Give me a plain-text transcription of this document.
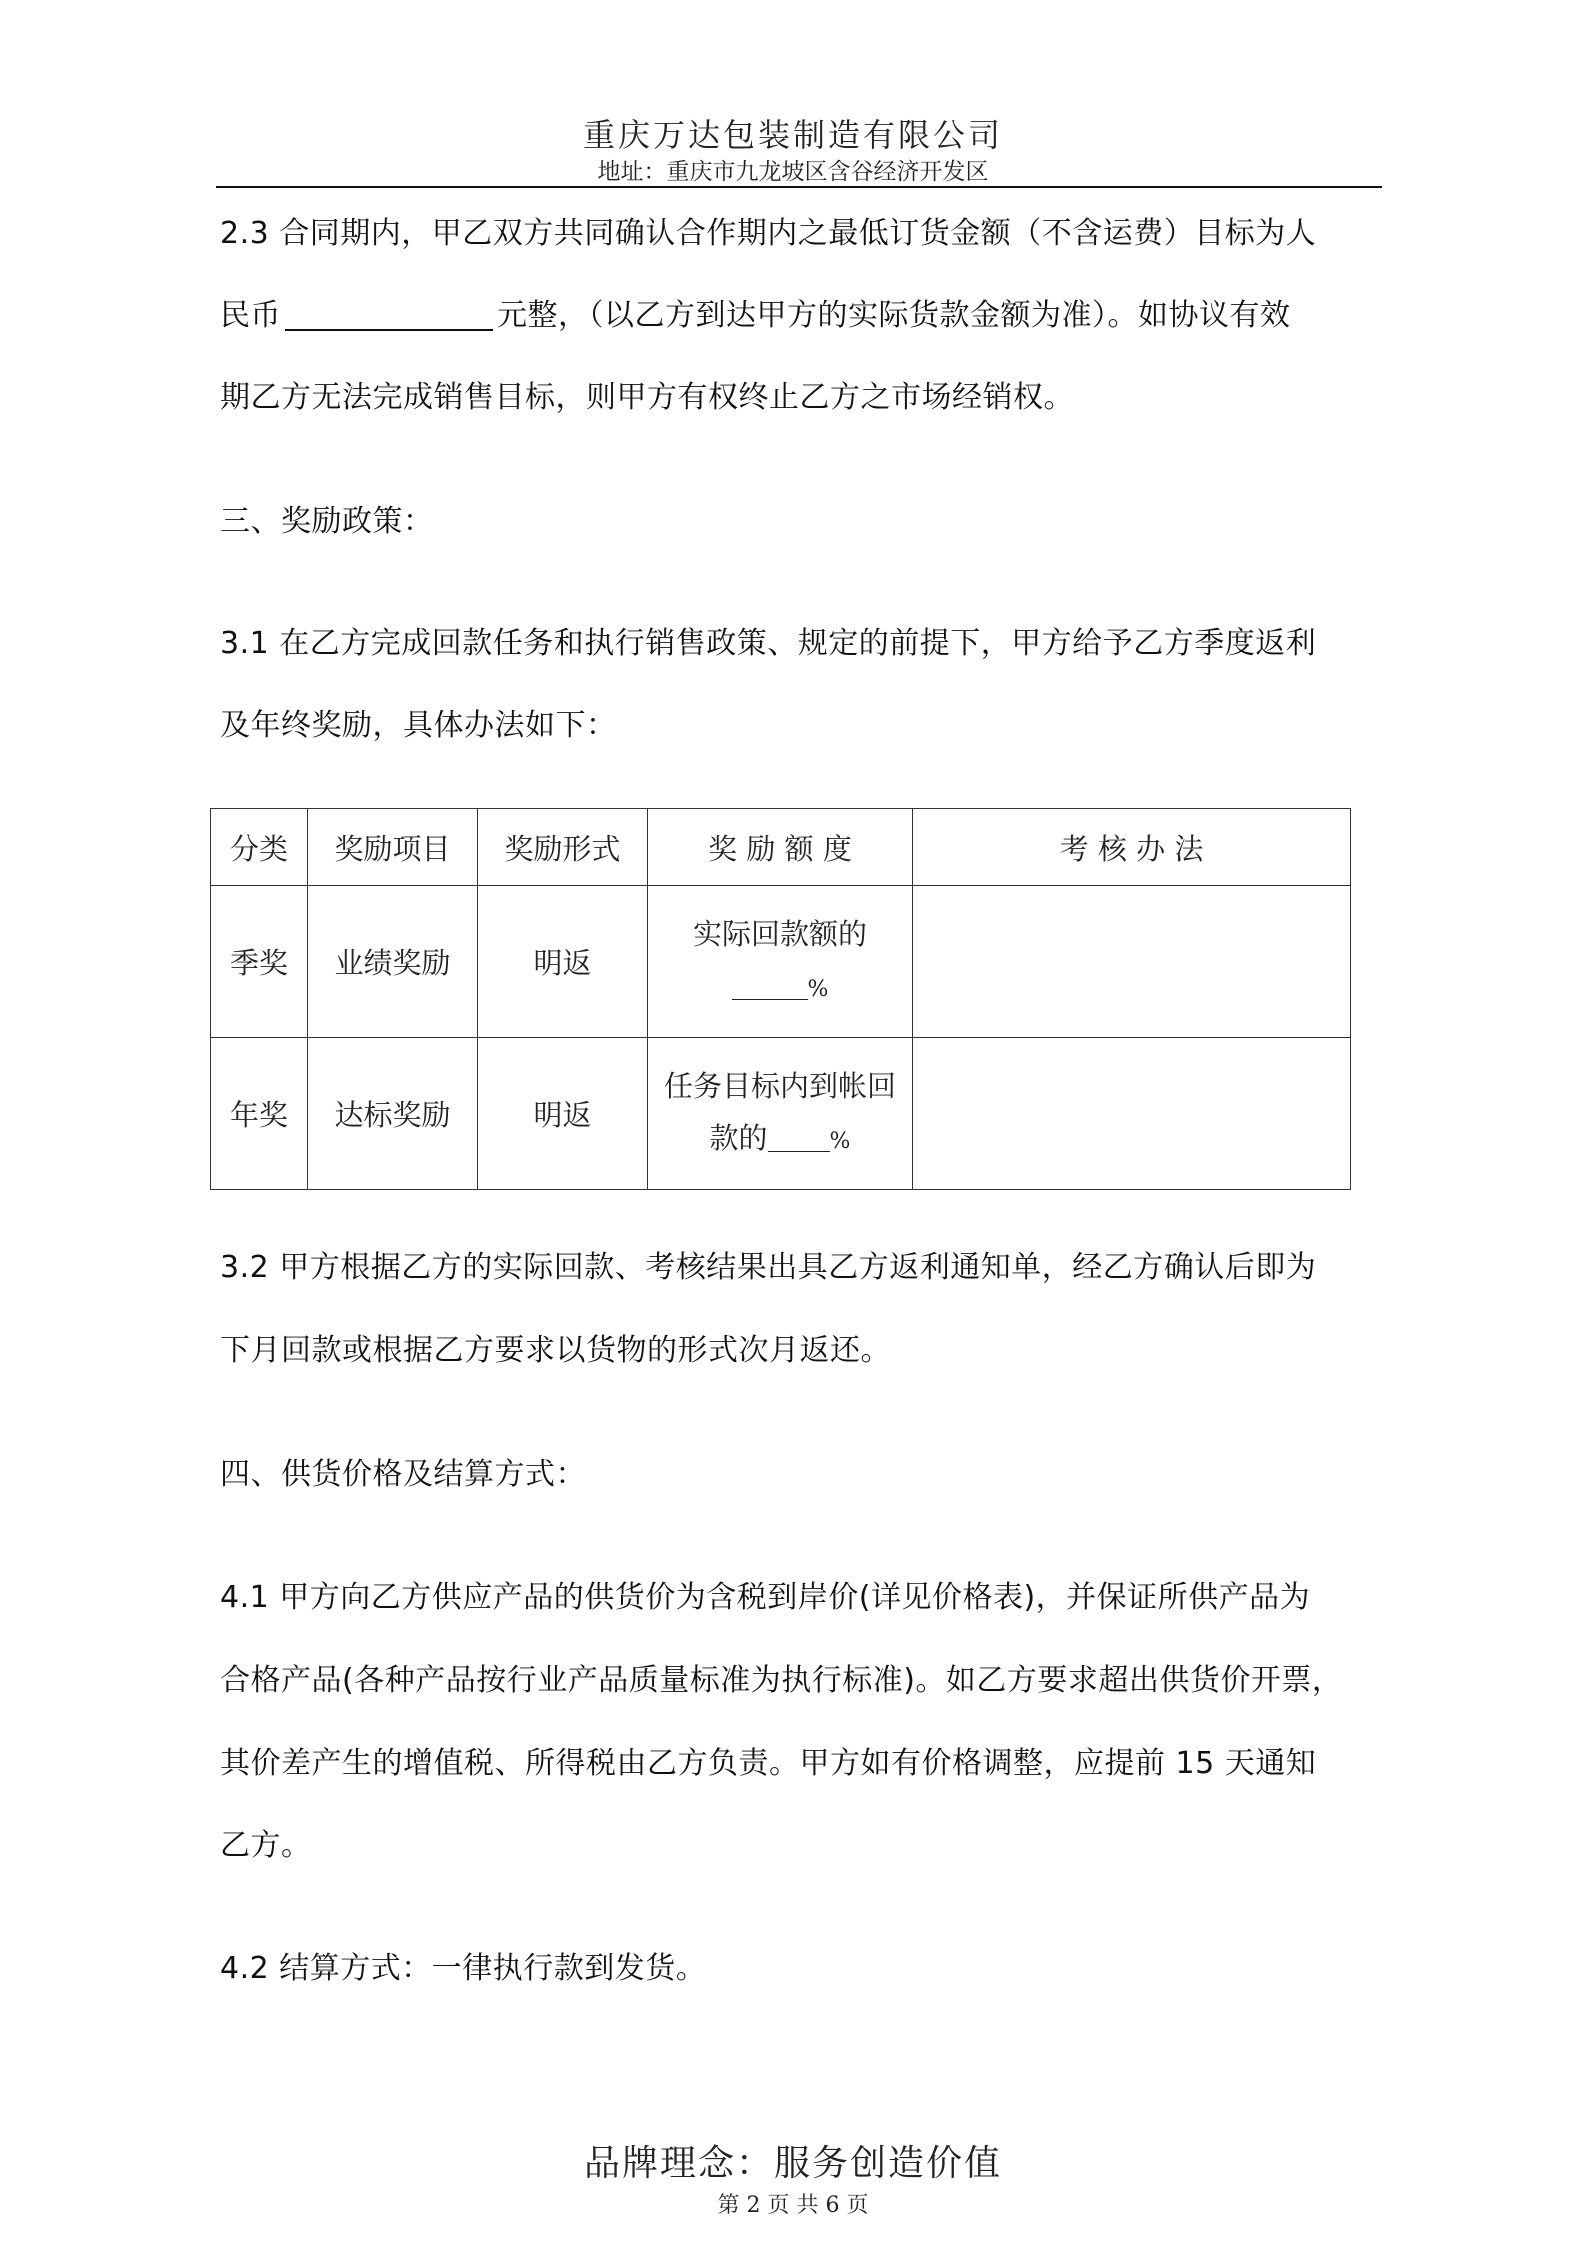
重庆万达包装制造有限公司
地址：重庆市九龙坡区含谷经济开发区
2.3 合同期内，甲乙双方共同确认合作期内之最低订货金额（不含运费）目标为人
民币	元整，（以乙方到达甲方的实际货款金额为准）。如协议有效
期乙方无法完成销售目标，则甲方有权终止乙方之市场经销权。
三、奖励政策：
3.1 在乙方完成回款任务和执行销售政策、规定的前提下，甲方给予乙方季度返利
及年终奖励，具体办法如下：
分类	奖励项目	奖励形式	奖 励 额 度	考 核 办 法
季奖	业绩奖励	明返	实际回款额的
%	

年奖	达标奖励	明返	任务目标内到帐回
款的 %	

3.2 甲方根据乙方的实际回款、考核结果出具乙方返利通知单，经乙方确认后即为
下月回款或根据乙方要求以货物的形式次月返还。
四、供货价格及结算方式：
4.1 甲方向乙方供应产品的供货价为含税到岸价(详见价格表)，并保证所供产品为
合格产品(各种产品按行业产品质量标准为执行标准)。如乙方要求超出供货价开票，
其价差产生的增值税、所得税由乙方负责。甲方如有价格调整，应提前 15 天通知
乙方。
4.2 结算方式：一律执行款到发货。
品牌理念：服务创造价值
第 2 页 共 6 页
